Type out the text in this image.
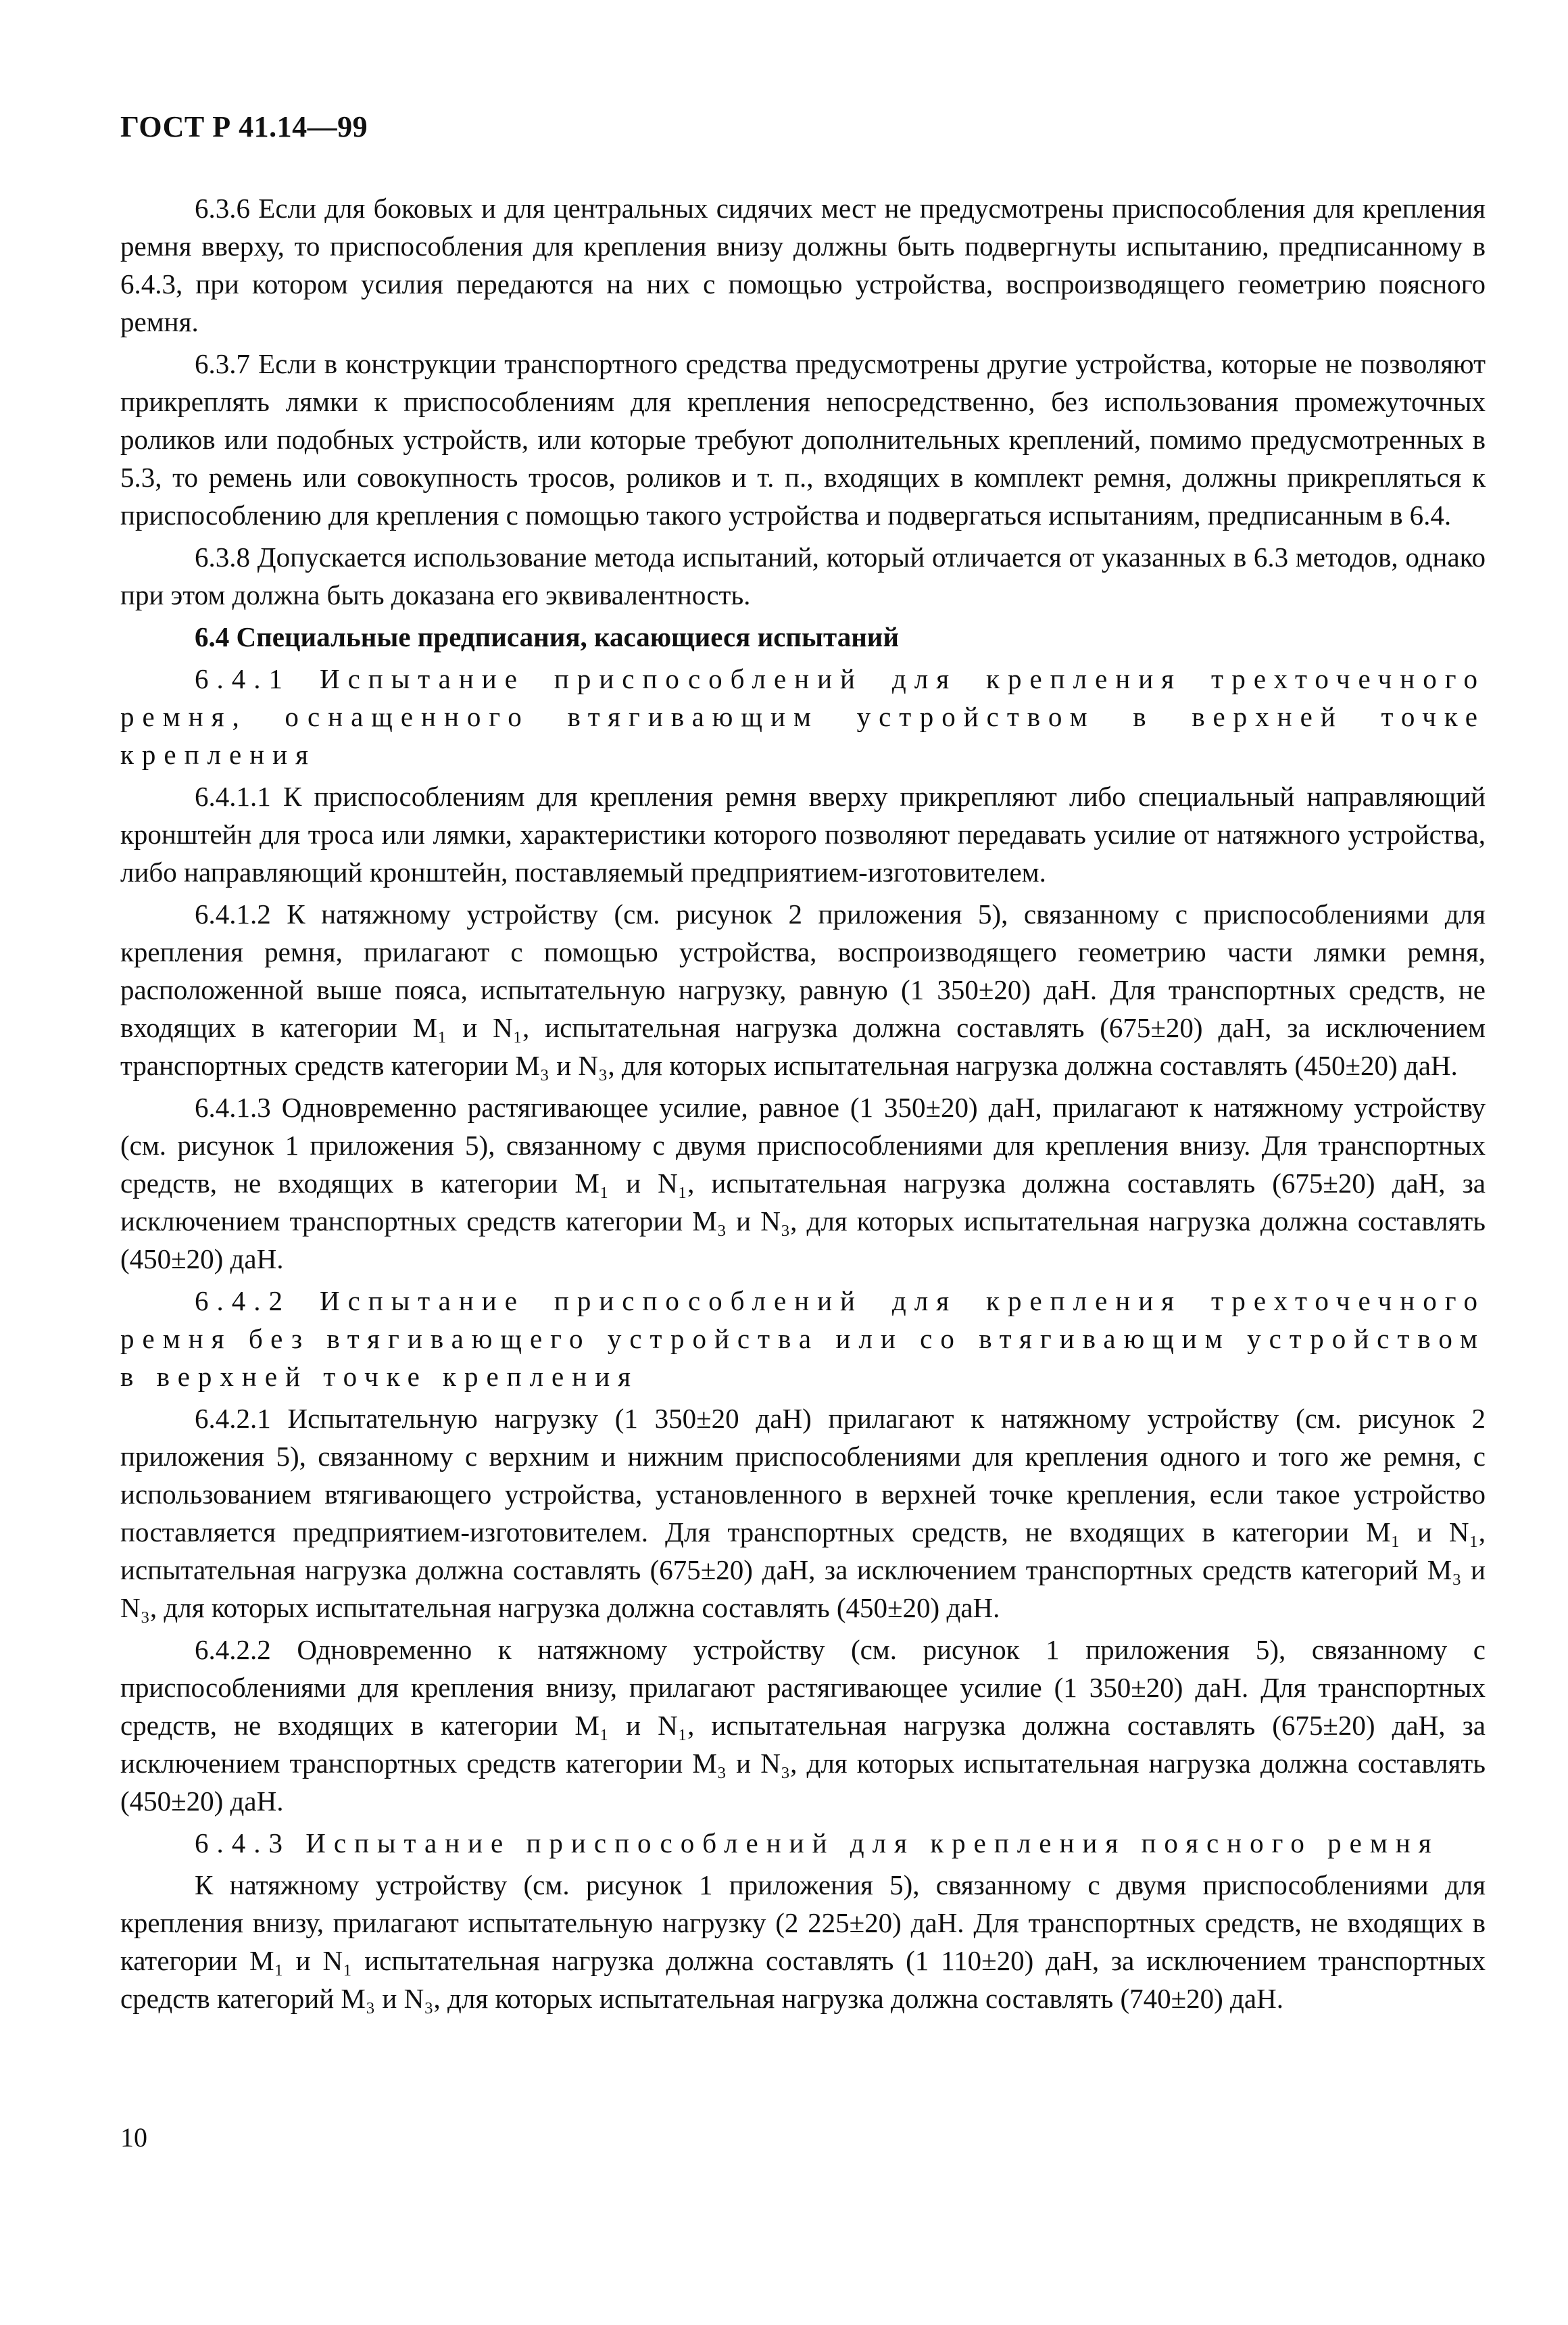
ГОСТ Р 41.14—99

6.3.6 Если для боковых и для центральных сидячих мест не предусмотрены приспособления для крепления ремня вверху, то приспособления для крепления внизу должны быть подвергнуты испытанию, предписанному в 6.4.3, при котором усилия передаются на них с помощью устройства, воспроизводящего геометрию поясного ремня.

6.3.7 Если в конструкции транспортного средства предусмотрены другие устройства, которые не позволяют прикреплять лямки к приспособлениям для крепления непосредственно, без использования промежуточных роликов или подобных устройств, или которые требуют дополнительных креплений, помимо предусмотренных в 5.3, то ремень или совокупность тросов, роликов и т. п., входящих в комплект ремня, должны прикрепляться к приспособлению для крепления с помощью такого устройства и подвергаться испытаниям, предписанным в 6.4.

6.3.8 Допускается использование метода испытаний, который отличается от указанных в 6.3 методов, однако при этом должна быть доказана его эквивалентность.

6.4 Специальные предписания, касающиеся испытаний

6.4.1 Испытание приспособлений для крепления трехточечного ремня, оснащенного втягивающим устройством в верхней точке крепления

6.4.1.1 К приспособлениям для крепления ремня вверху прикрепляют либо специальный направляющий кронштейн для троса или лямки, характеристики которого позволяют передавать усилие от натяжного устройства, либо направляющий кронштейн, поставляемый предприятием-изготовителем.

6.4.1.2 К натяжному устройству (см. рисунок 2 приложения 5), связанному с приспособлениями для крепления ремня, прилагают с помощью устройства, воспроизводящего геометрию части лямки ремня, расположенной выше пояса, испытательную нагрузку, равную (1 350±20) даН. Для транспортных средств, не входящих в категории M₁ и N₁, испытательная нагрузка должна составлять (675±20) даН, за исключением транспортных средств категории M₃ и N₃, для которых испытательная нагрузка должна составлять (450±20) даН.

6.4.1.3 Одновременно растягивающее усилие, равное (1 350±20) даН, прилагают к натяжному устройству (см. рисунок 1 приложения 5), связанному с двумя приспособлениями для крепления внизу. Для транспортных средств, не входящих в категории M₁ и N₁, испытательная нагрузка должна составлять (675±20) даН, за исключением транспортных средств категории M₃ и N₃, для которых испытательная нагрузка должна составлять (450±20) даН.

6.4.2 Испытание приспособлений для крепления трехточечного ремня без втягивающего устройства или со втягивающим устройством в верхней точке крепления

6.4.2.1 Испытательную нагрузку (1 350±20 даН) прилагают к натяжному устройству (см. рисунок 2 приложения 5), связанному с верхним и нижним приспособлениями для крепления одного и того же ремня, с использованием втягивающего устройства, установленного в верхней точке крепления, если такое устройство поставляется предприятием-изготовителем. Для транспортных средств, не входящих в категории M₁ и N₁, испытательная нагрузка должна составлять (675±20) даН, за исключением транспортных средств категорий M₃ и N₃, для которых испытательная нагрузка должна составлять (450±20) даН.

6.4.2.2 Одновременно к натяжному устройству (см. рисунок 1 приложения 5), связанному с приспособлениями для крепления внизу, прилагают растягивающее усилие (1 350±20) даН. Для транспортных средств, не входящих в категории M₁ и N₁, испытательная нагрузка должна составлять (675±20) даН, за исключением транспортных средств категории M₃ и N₃, для которых испытательная нагрузка должна составлять (450±20) даН.

6.4.3 Испытание приспособлений для крепления поясного ремня

К натяжному устройству (см. рисунок 1 приложения 5), связанному с двумя приспособлениями для крепления внизу, прилагают испытательную нагрузку (2 225±20) даН. Для транспортных средств, не входящих в категории M₁ и N₁ испытательная нагрузка должна составлять (1 110±20) даН, за исключением транспортных средств категорий M₃ и N₃, для которых испытательная нагрузка должна составлять (740±20) даН.

10
